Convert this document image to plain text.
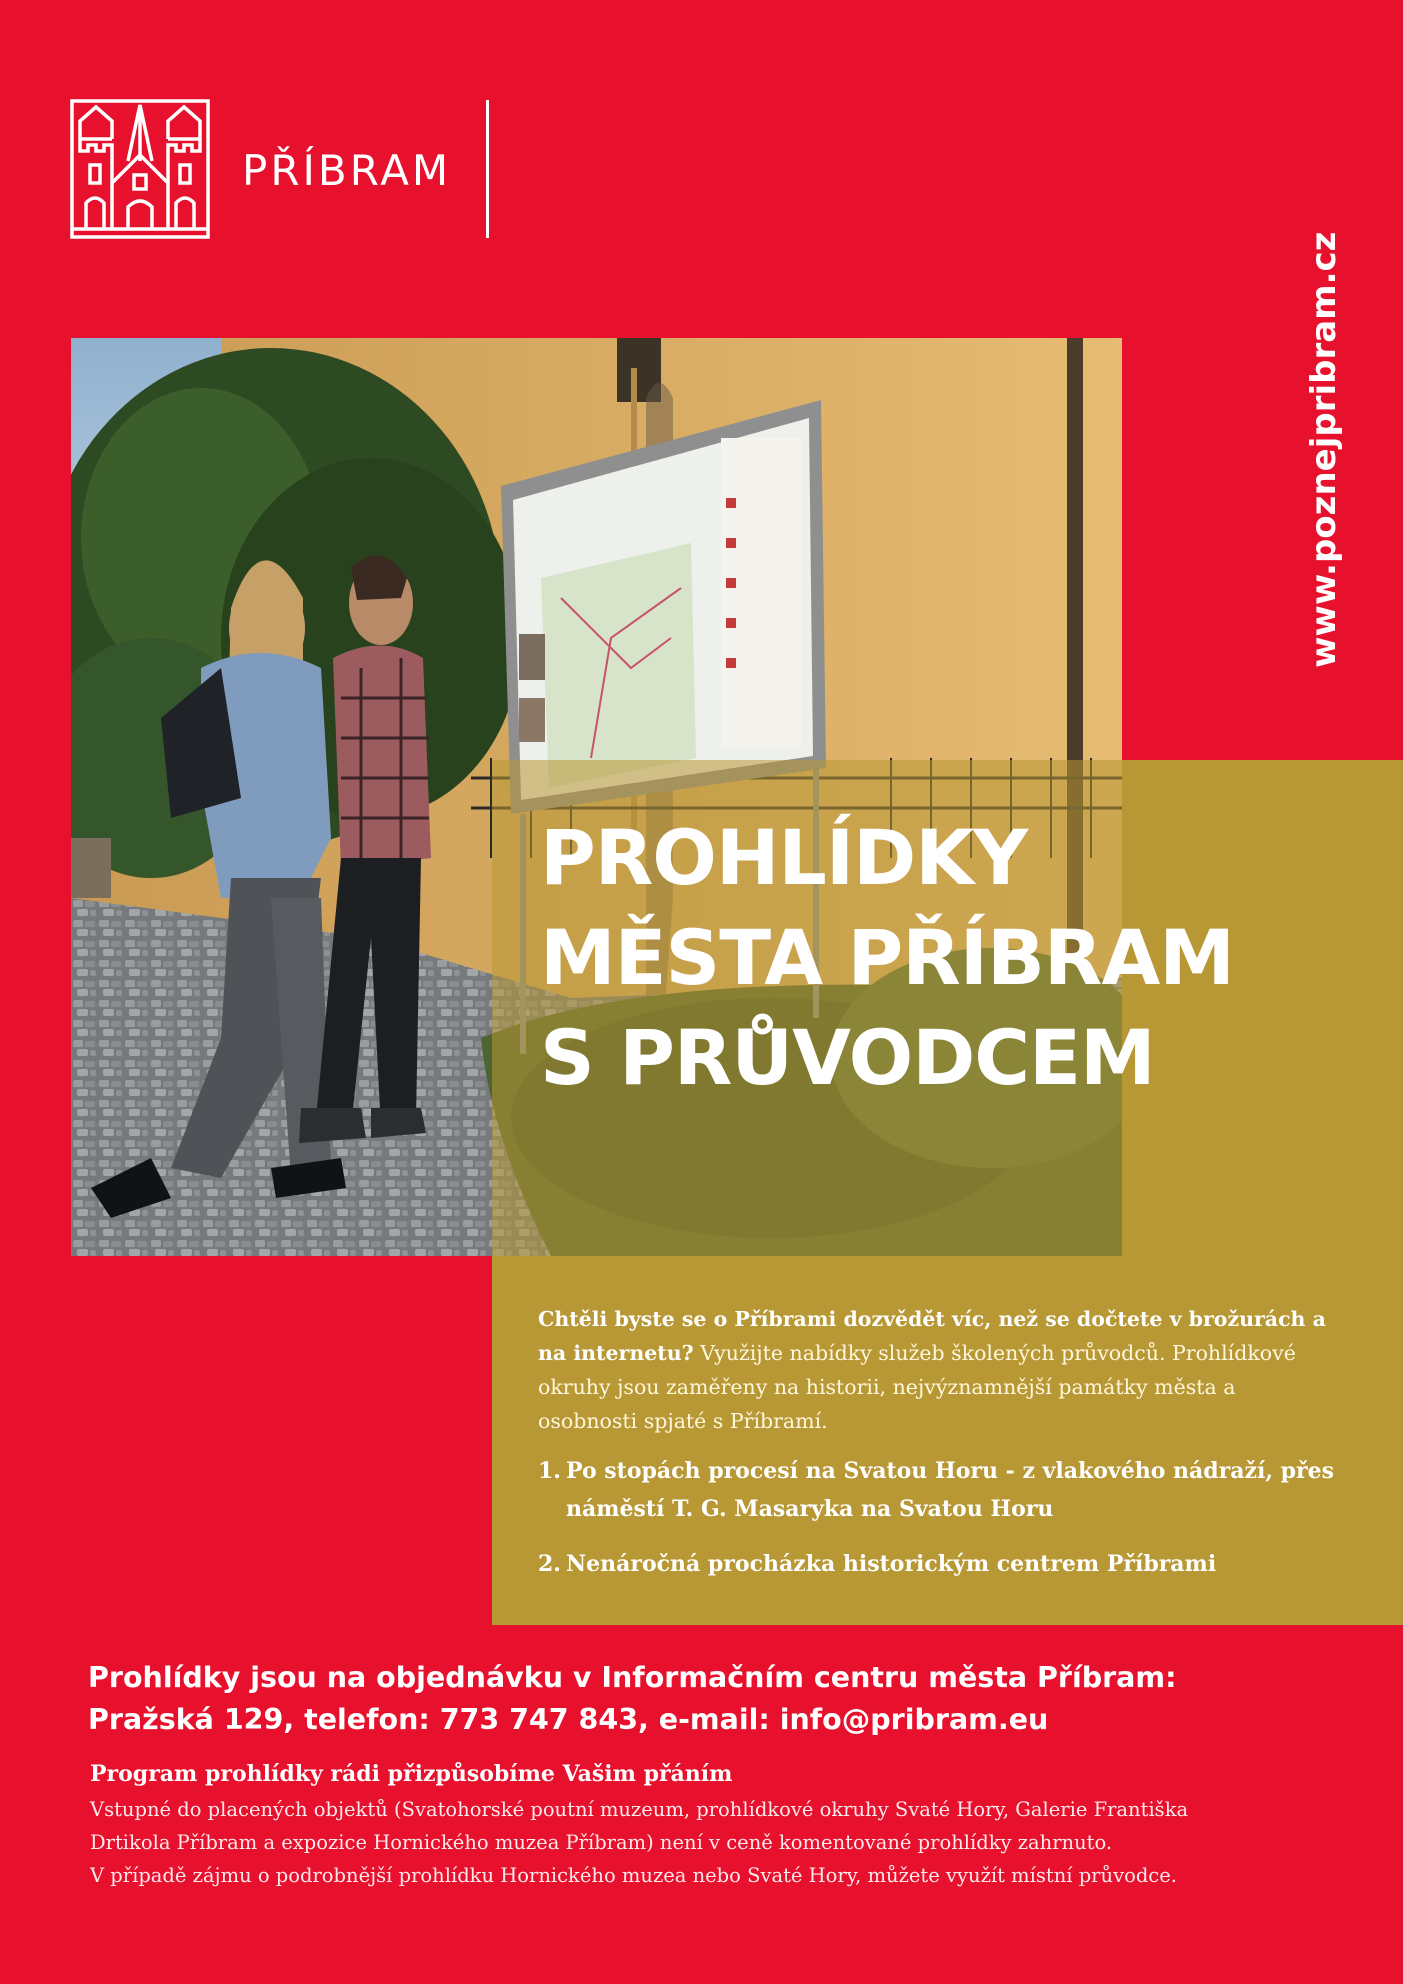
PŘÍBRAM
www.poznejpribram.cz
PROHLÍDKY
MĚSTA PŘÍBRAM
S PRŮVODCEM

Chtěli byste se o Příbrami dozvědět víc, než se dočtete v brožurách a na internetu? Využijte nabídky služeb školených průvodců. Prohlídkové okruhy jsou zaměřeny na historii, nejvýznamnější památky města a osobnosti spjaté s Příbramí.

1. Po stopách procesí na Svatou Horu - z vlakového nádraží, přes náměstí T. G. Masaryka na Svatou Horu
2. Nenáročná procházka historickým centrem Příbrami
Prohlídky jsou na objednávku v Informačním centru města Příbram:
Pražská 129, telefon: 773 747 843, e-mail: info@pribram.eu
Program prohlídky rádi přizpůsobíme Vašim přáním
Vstupné do placených objektů (Svatohorské poutní muzeum, prohlídkové okruhy Svaté Hory, Galerie Františka
Drtikola Příbram a expozice Hornického muzea Příbram) není v ceně komentované prohlídky zahrnuto.
V případě zájmu o podrobnější prohlídku Hornického muzea nebo Svaté Hory, můžete využít místní průvodce.
